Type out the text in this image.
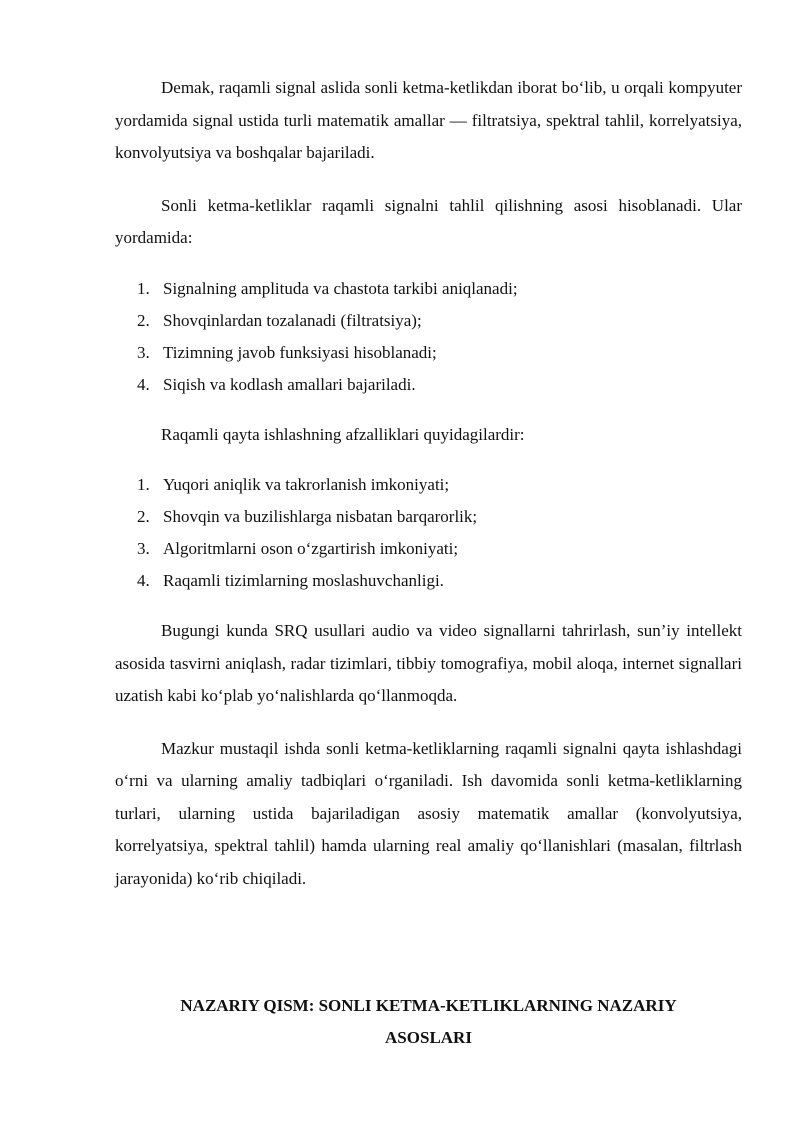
Demak, raqamli signal aslida sonli ketma-ketlikdan iborat bo‘lib, u orqali kompyuter yordamida signal ustida turli matematik amallar — filtratsiya, spektral tahlil, korrelyatsiya, konvolyutsiya va boshqalar bajariladi.

Sonli ketma-ketliklar raqamli signalni tahlil qilishning asosi hisoblanadi. Ular yordamida:

1. Signalning amplituda va chastota tarkibi aniqlanadi;
2. Shovqinlardan tozalanadi (filtratsiya);
3. Tizimning javob funksiyasi hisoblanadi;
4. Siqish va kodlash amallari bajariladi.

Raqamli qayta ishlashning afzalliklari quyidagilardir:

1. Yuqori aniqlik va takrorlanish imkoniyati;
2. Shovqin va buzilishlarga nisbatan barqarorlik;
3. Algoritmlarni oson o‘zgartirish imkoniyati;
4. Raqamli tizimlarning moslashuvchanligi.

Bugungi kunda SRQ usullari audio va video signallarni tahrirlash, sun’iy intellekt asosida tasvirni aniqlash, radar tizimlari, tibbiy tomografiya, mobil aloqa, internet signallari uzatish kabi ko‘plab yo‘nalishlarda qo‘llanmoqda.

Mazkur mustaqil ishda sonli ketma-ketliklarning raqamli signalni qayta ishlashdagi o‘rni va ularning amaliy tadbiqlari o‘rganiladi. Ish davomida sonli ketma-ketliklarning turlari, ularning ustida bajariladigan asosiy matematik amallar (konvolyutsiya, korrelyatsiya, spektral tahlil) hamda ularning real amaliy qo‘llanishlari (masalan, filtrlash jarayonida) ko‘rib chiqiladi.

NAZARIY QISM: SONLI KETMA-KETLIKLARNING NAZARIY
ASOSLARI
